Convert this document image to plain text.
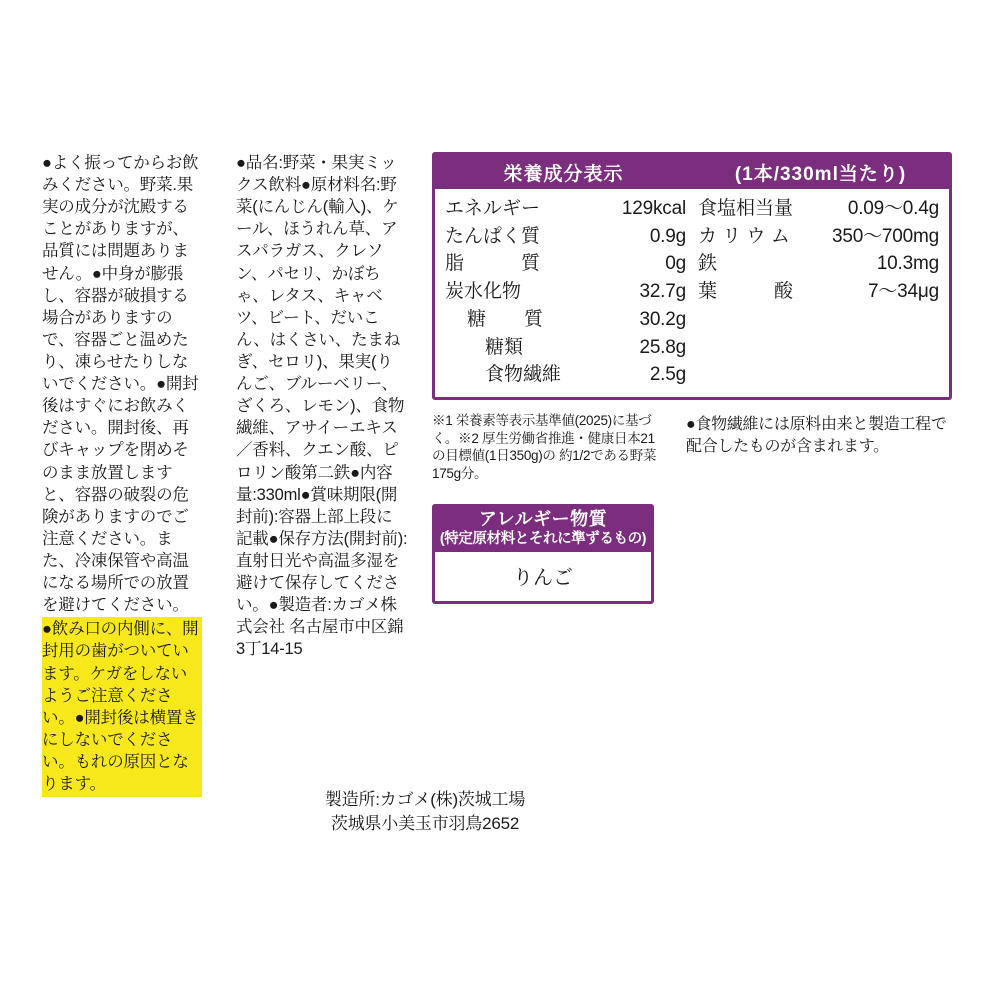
●よく振ってからお飲みください。野菜.果実の成分が沈殿することがありますが、品質には問題ありません。●中身が膨張し、容器が破損する場合がありますので、容器ごと温めたり、凍らせたりしないでください。●開封後はすぐにお飲みください。開封後、再びキャップを閉めそのまま放置しますと、容器の破裂の危険がありますのでご注意ください。また、冷凍保管や高温になる場所での放置を避けてください。

●飲み口の内側に、開封用の歯がついています。ケガをしないようご注意ください。●開封後は横置きにしないでください。もれの原因となります。

●品名:野菜・果実ミックス飲料●原材料名:野菜(にんじん(輸入)、ケール、ほうれん草、アスパラガス、クレソン、パセリ、かぼちゃ、レタス、キャベツ、ビート、だいこん、はくさい、たまねぎ、セロリ)、果実(りんご、ブルーベリー、ざくろ、レモン)、食物繊維、アサイーエキス／香料、クエン酸、ピロリン酸第二鉄●内容量:330ml●賞味期限(開封前):容器上部上段に記載●保存方法(開封前):直射日光や高温多湿を避けて保存してください。●製造者:カゴメ株式会社 名古屋市中区錦3丁14-15

製造所:カゴメ(株)茨城工場

茨城県小美玉市羽鳥2652

栄養成分表示	(1本/330ml当たり)
エネルギー	129kcal
たんぱく質	0.9g
脂　　　質	0g
炭水化物	32.7g
糖　　質	30.2g
糖類	25.8g
食物繊維	2.5g
食塩相当量	0.09〜0.4g
カ リ ウ ム 350〜700mg
鉄	10.3mg
葉　　　酸	7〜34μg

※1 栄養素等表示基準値(2025)に基づく。※2 厚生労働省推進・健康日本21の目標値(1日350g)の 約1/2である野菜175g分。

●食物繊維には原料由来と製造工程で配合したものが含まれます。

アレルギー物質
(特定原材料とそれに準ずるもの)
りんご
